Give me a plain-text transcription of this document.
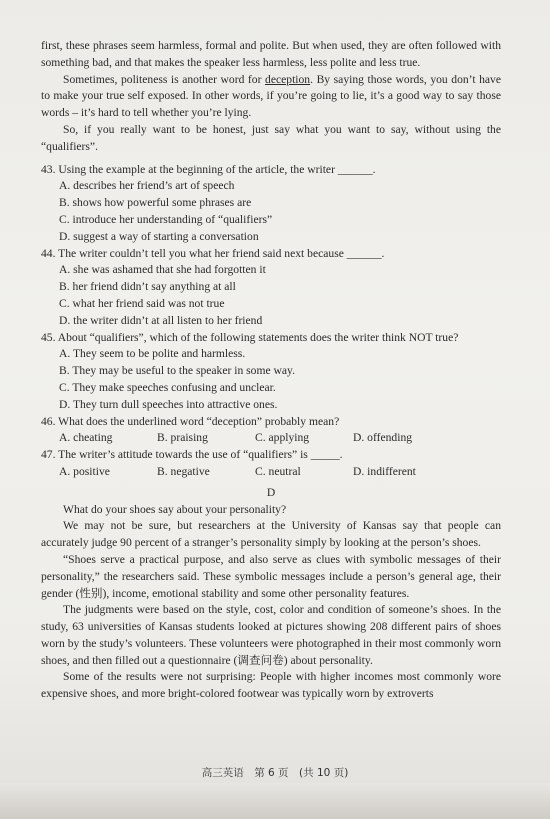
first, these phrases seem harmless, formal and polite. But when used, they are often followed with something bad, and that makes the speaker less harmless, less polite and less true.

Sometimes, politeness is another word for deception. By saying those words, you don’t have to make your true self exposed. In other words, if you’re going to lie, it’s a good way to say those words – it’s hard to tell whether you’re lying.

So, if you really want to be honest, just say what you want to say, without using the “qualifiers”.

43. Using the example at the beginning of the article, the writer ______.

A. describes her friend’s art of speech

B. shows how powerful some phrases are

C. introduce her understanding of “qualifiers”

D. suggest a way of starting a conversation

44. The writer couldn’t tell you what her friend said next because ______.

A. she was ashamed that she had forgotten it

B. her friend didn’t say anything at all

C. what her friend said was not true

D. the writer didn’t at all listen to her friend

45. About “qualifiers”, which of the following statements does the writer think NOT true?

A. They seem to be polite and harmless.

B. They may be useful to the speaker in some way.

C. They make speeches confusing and unclear.

D. They turn dull speeches into attractive ones.

46. What does the underlined word “deception” probably mean?

A. cheating	B. praising	C. applying	D. offending

47. The writer’s attitude towards the use of “qualifiers” is _____.

A. positive	B. negative	C. neutral	D. indifferent

D

What do your shoes say about your personality?

We may not be sure, but researchers at the University of Kansas say that people can accurately judge 90 percent of a stranger’s personality simply by looking at the person’s shoes.

“Shoes serve a practical purpose, and also serve as clues with symbolic messages of their personality,” the researchers said. These symbolic messages include a person’s general age, their gender (性别), income, emotional stability and some other personality features.

The judgments were based on the style, cost, color and condition of someone’s shoes. In the study, 63 universities of Kansas students looked at pictures showing 208 different pairs of shoes worn by the study’s volunteers. These volunteers were photographed in their most commonly worn shoes, and then filled out a questionnaire (调查问卷) about personality.

Some of the results were not surprising: People with higher incomes most commonly wore expensive shoes, and more bright-colored footwear was typically worn by extroverts

高三英语　第 6 页　(共 10 页)
